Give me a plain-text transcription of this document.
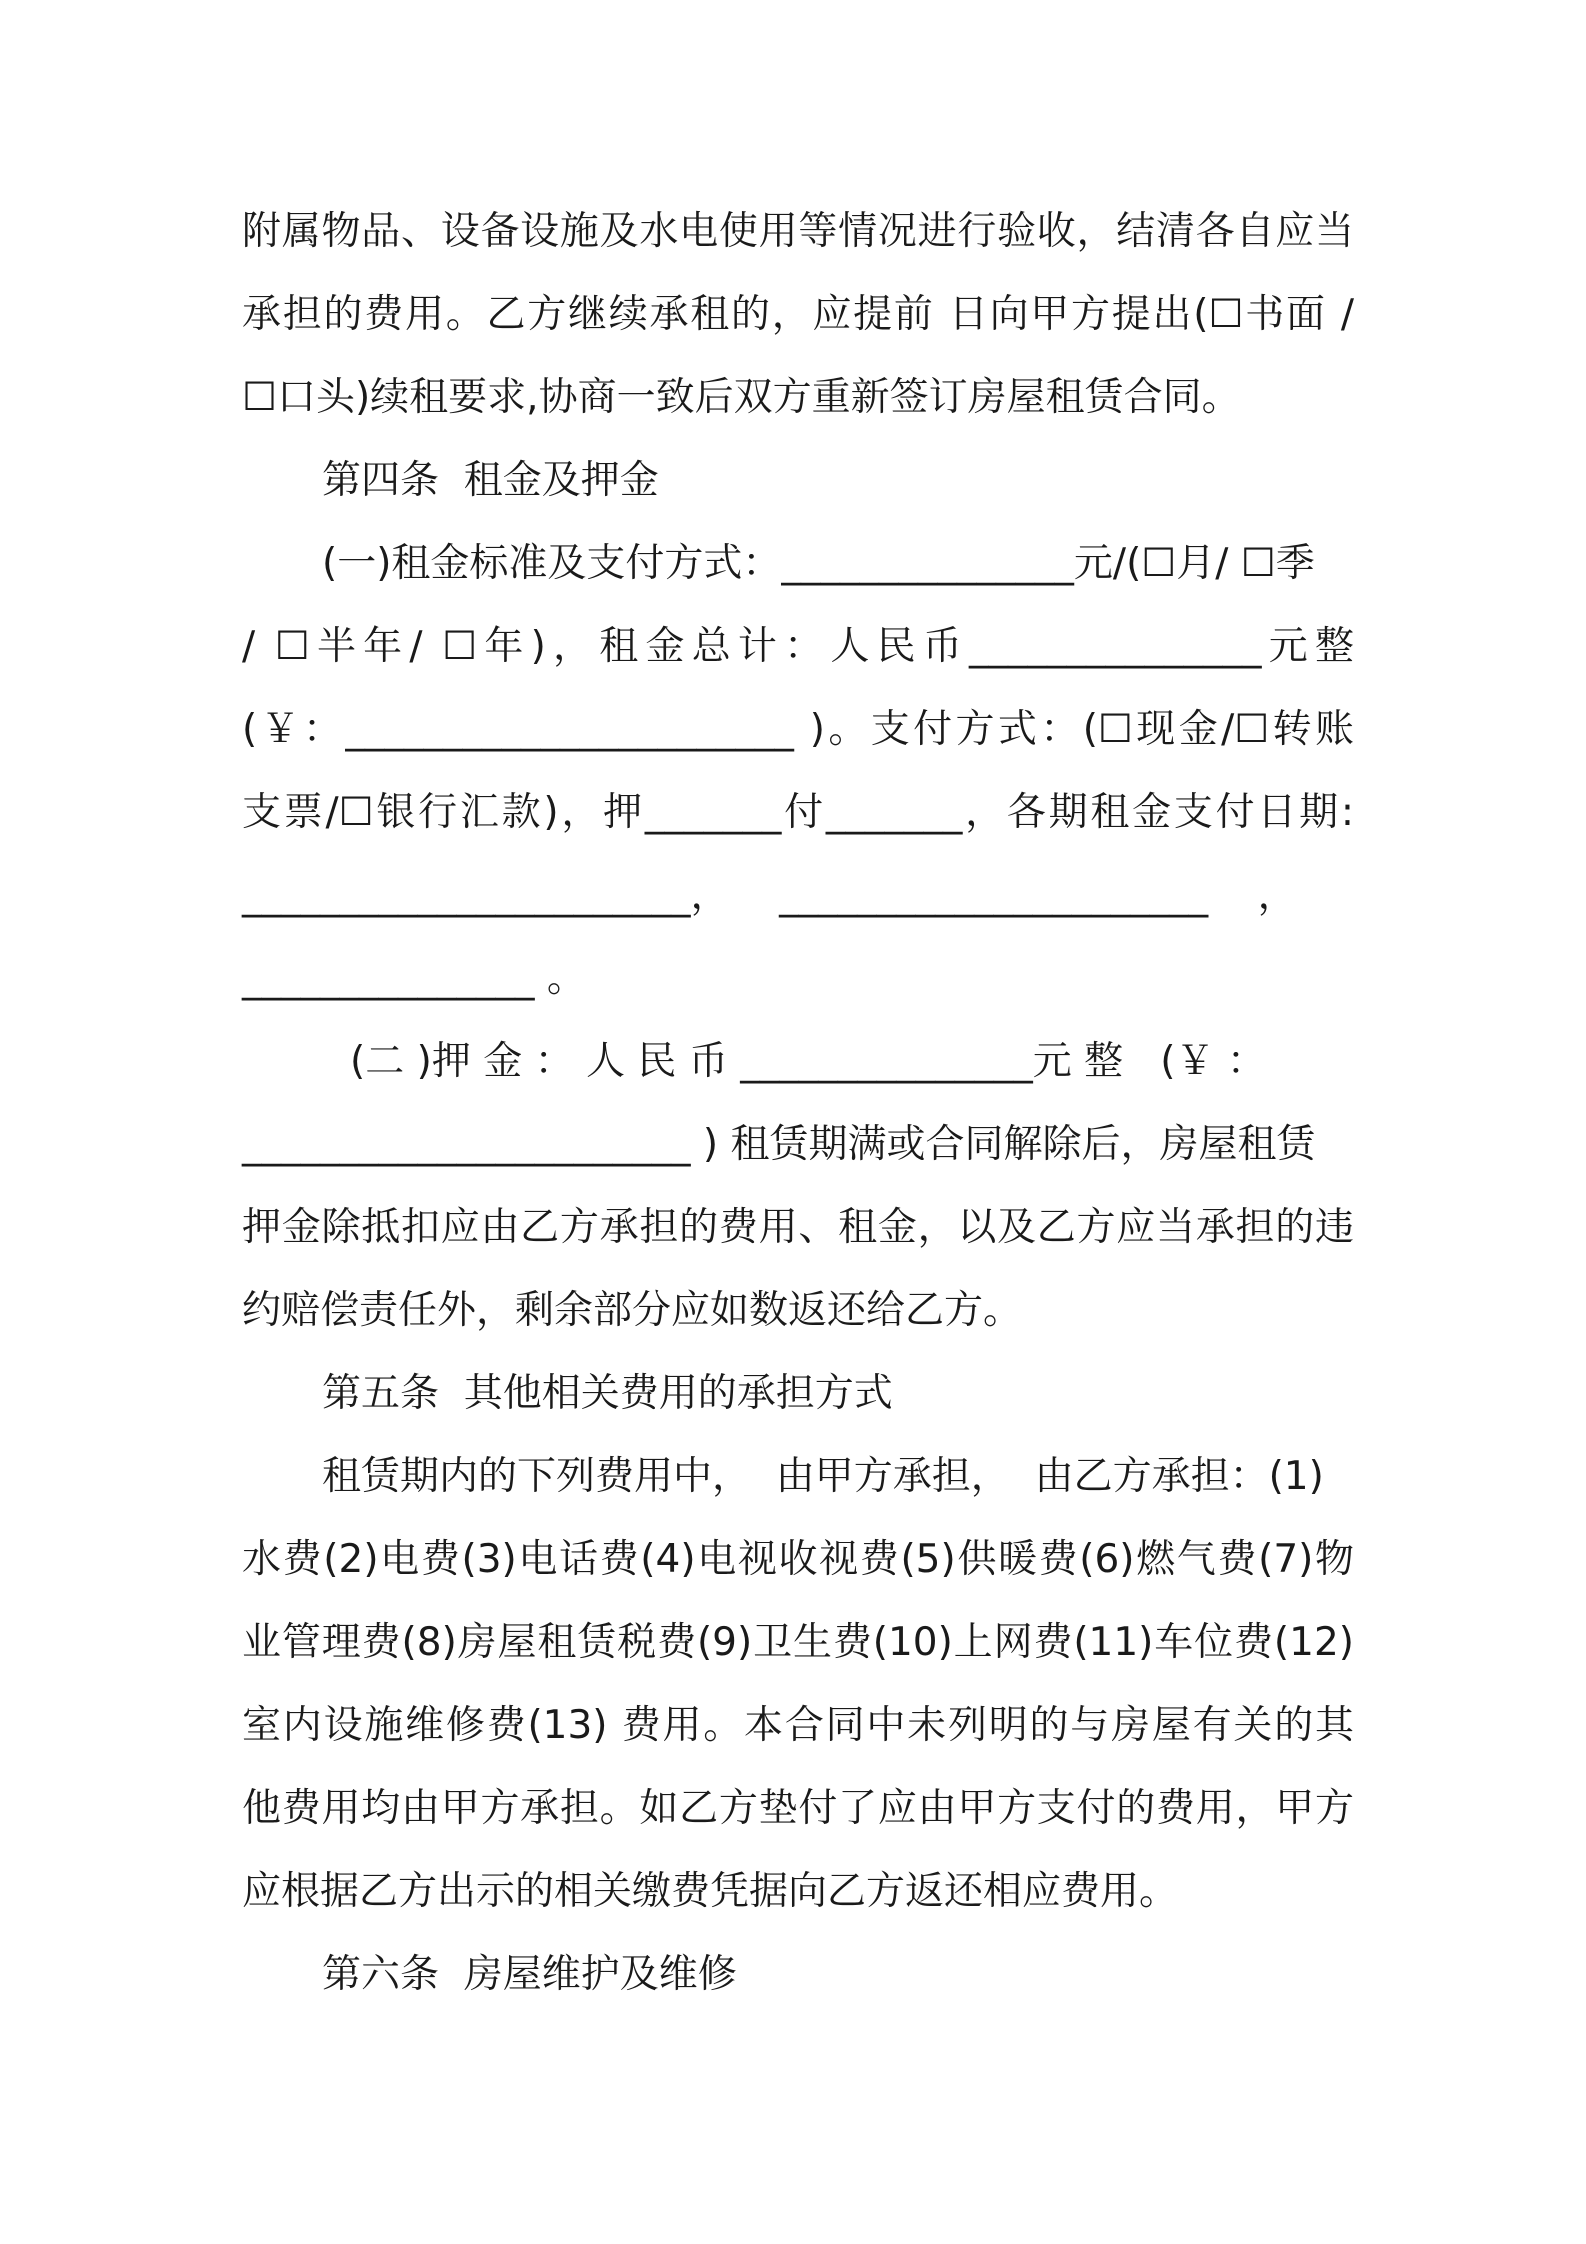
附属物品、设备设施及水电使用等情况进行验收，结清各自应当

承担的费用。乙方继续承租的，应提前 日向甲方提出(☐书面 /

☐口头)续租要求,协商一致后双方重新签订房屋租赁合同。

第四条  租金及押金

(一)租金标准及支付方式：_______________元/(☐月/ ☐季

/ ☐半年/ ☐年)，租金总计：人民币_______________元整

(￥：_______________________ )。支付方式：(☐现金/☐转账

支票/☐银行汇款)，押_______付_______，各期租金支付日期:

_______________________，    ______________________    ，

_______________ 。

(二 )押 金 ： 人 民 币 _______________元 整   (￥ ：

_______________________ ) 租赁期满或合同解除后，房屋租赁

押金除抵扣应由乙方承担的费用、租金，以及乙方应当承担的违

约赔偿责任外，剩余部分应如数返还给乙方。

第五条  其他相关费用的承担方式

租赁期内的下列费用中，  由甲方承担，  由乙方承担：(1)

水费(2)电费(3)电话费(4)电视收视费(5)供暖费(6)燃气费(7)物

业管理费(8)房屋租赁税费(9)卫生费(10)上网费(11)车位费(12)

室内设施维修费(13) 费用。本合同中未列明的与房屋有关的其

他费用均由甲方承担。如乙方垫付了应由甲方支付的费用，甲方

应根据乙方出示的相关缴费凭据向乙方返还相应费用。

第六条  房屋维护及维修
